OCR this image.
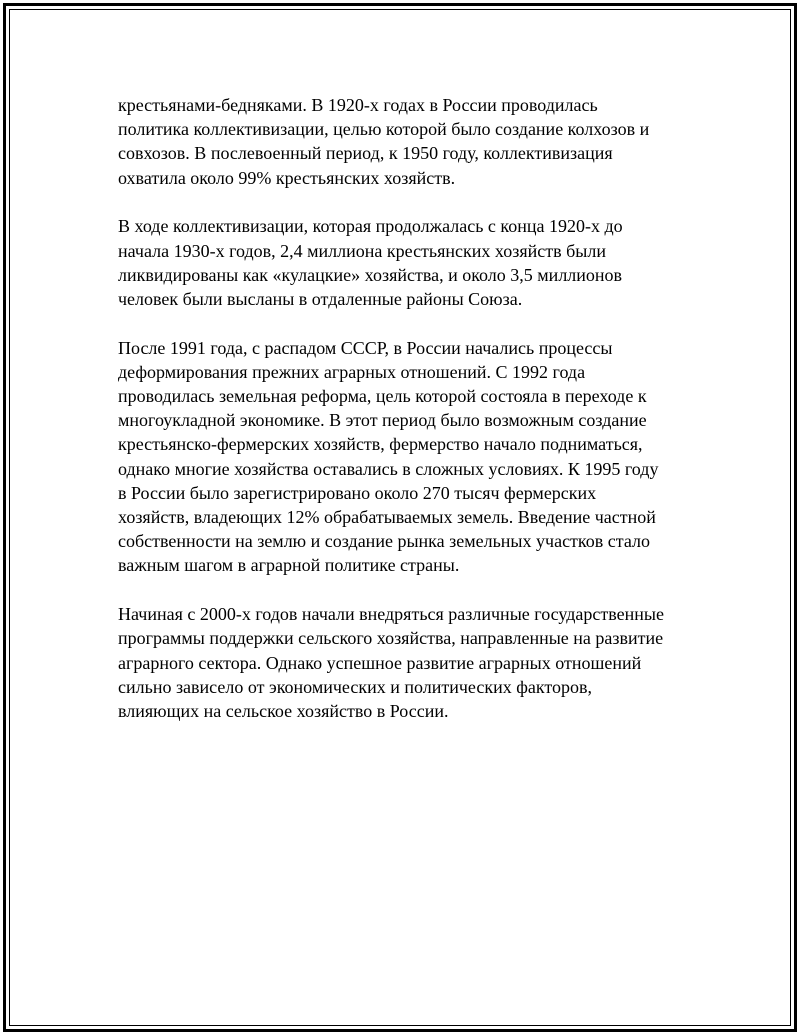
крестьянами-бедняками. В 1920-х годах в России проводилась
политика коллективизации, целью которой было создание колхозов и
совхозов. В послевоенный период, к 1950 году, коллективизация
охватила около 99% крестьянских хозяйств.

В ходе коллективизации, которая продолжалась с конца 1920-х до
начала 1930-х годов, 2,4 миллиона крестьянских хозяйств были
ликвидированы как «кулацкие» хозяйства, и около 3,5 миллионов
человек были высланы в отдаленные районы Союза.

После 1991 года, с распадом СССР, в России начались процессы
деформирования прежних аграрных отношений. С 1992 года
проводилась земельная реформа, цель которой состояла в переходе к
многоукладной экономике. В этот период было возможным создание
крестьянско-фермерских хозяйств, фермерство начало подниматься,
однако многие хозяйства оставались в сложных условиях. К 1995 году
в России было зарегистрировано около 270 тысяч фермерских
хозяйств, владеющих 12% обрабатываемых земель. Введение частной
собственности на землю и создание рынка земельных участков стало
важным шагом в аграрной политике страны.

Начиная с 2000-х годов начали внедряться различные государственные
программы поддержки сельского хозяйства, направленные на развитие
аграрного сектора. Однако успешное развитие аграрных отношений
сильно зависело от экономических и политических факторов,
влияющих на сельское хозяйство в России.
